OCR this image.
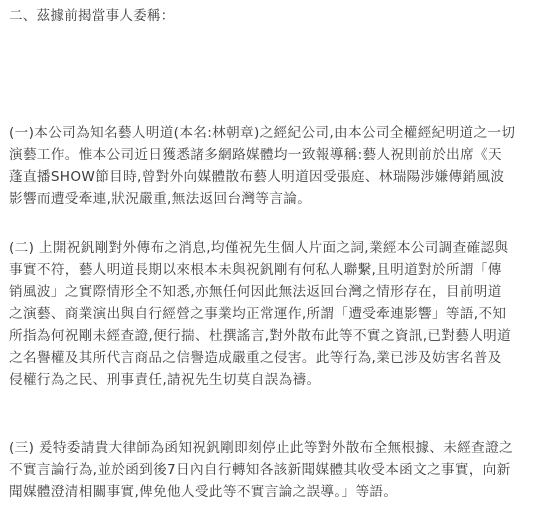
二、茲據前揭當事人委稱：
(一)本公司為知名藝人明道(本名:林朝章)之經紀公司,由本公司全權經紀明道之一切
演藝工作。惟本公司近日獲悉諸多網路媒體均一致報導稱:藝人祝則前於出席《天
蓬直播SHOW節目時,曾對外向媒體散布藝人明道因受張庭、林瑞陽涉嫌傳銷風波
影響而遭受牽連,狀況嚴重,無法返回台灣等言論。
(二) 上開祝釩剛對外傳布之消息,均僅祝先生個人片面之詞,業經本公司調查確認與
事實不符，藝人明道長期以來根本未與祝釩剛有何私人聯繫,且明道對於所謂「傳
销風波」之實際情形全不知悉,亦無任何因此無法返回台灣之情形存在，目前明道
之演藝、商業演出與自行經營之事業均正常運作,所謂「遭受牽連影響」等語,不知
所指為何祝剛未經查證,便行揣、杜撰謠言,對外散布此等不實之資訊,已對藝人明道
之名譽權及其所代言商品之信譽造成嚴重之侵害。此等行為,業已涉及妨害名普及
侵權行為之民、刑事責任,請祝先生切莫自誤為禱。
(三) 爰特委請貴大律師為函知祝釩剛即刻停止此等對外散布全無根據、未經查證之
不實言論行為,並於函到後7日內自行轉知各該新聞媒體其收受本函文之事實，向新
聞媒體澄清相關事實,俾免他人受此等不實言論之誤導。」等語。
